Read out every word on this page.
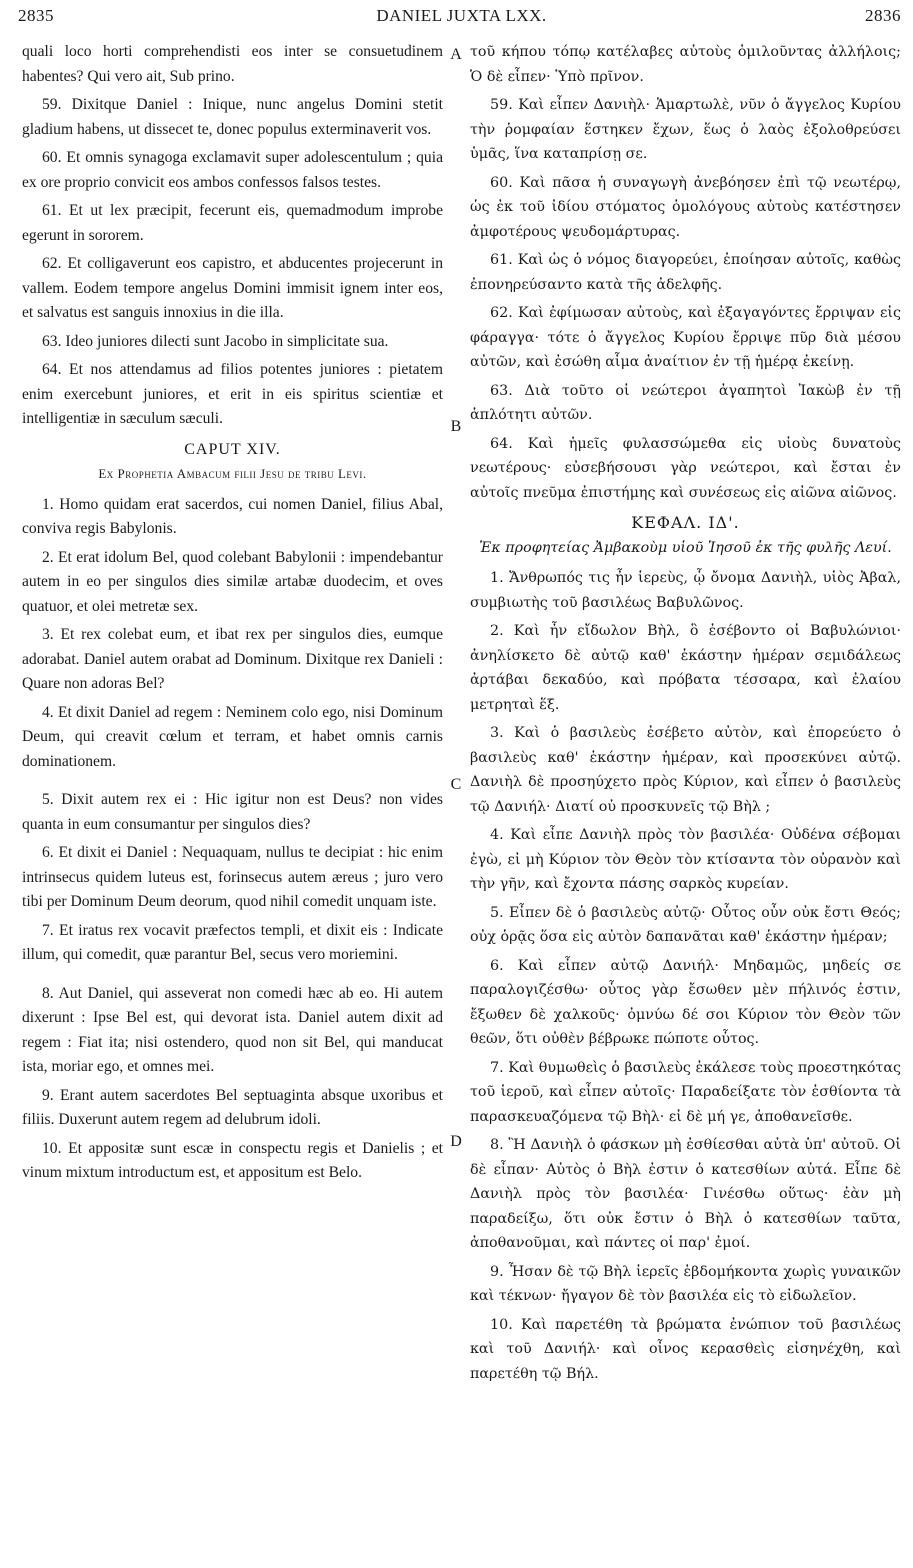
2835	DANIEL JUXTA LXX.	2836
A
B
C
D

quali loco horti comprehendisti eos inter se consuetudinem habentes? Qui vero ait, Sub prino.

59. Dixitque Daniel : Inique, nunc angelus Domini stetit gladium habens, ut dissecet te, donec populus exterminaverit vos.

60. Et omnis synagoga exclamavit super adolescentulum ; quia ex ore proprio convicit eos ambos confessos falsos testes.

61. Et ut lex præcipit, fecerunt eis, quemadmodum improbe egerunt in sororem.

62. Et colligaverunt eos capistro, et abducentes projecerunt in vallem. Eodem tempore angelus Domini immisit ignem inter eos, et salvatus est sanguis innoxius in die illa.

63. Ideo juniores dilecti sunt Jacobo in simplicitate sua.

64. Et nos attendamus ad filios potentes juniores : pietatem enim exercebunt juniores, et erit in eis spiritus scientiæ et intelligentiæ in sæculum sæculi.

CAPUT XIV.
Ex Prophetia Ambacum filii Jesu de tribu Levi.

1. Homo quidam erat sacerdos, cui nomen Daniel, filius Abal, conviva regis Babylonis.

2. Et erat idolum Bel, quod colebant Babylonii : impendebantur autem in eo per singulos dies similæ artabæ duodecim, et oves quatuor, et olei metretæ sex.

3. Et rex colebat eum, et ibat rex per singulos dies, eumque adorabat. Daniel autem orabat ad Dominum. Dixitque rex Danieli : Quare non adoras Bel?

4. Et dixit Daniel ad regem : Neminem colo ego, nisi Dominum Deum, qui creavit cœlum et terram, et habet omnis carnis dominationem.

5. Dixit autem rex ei : Hic igitur non est Deus? non vides quanta in eum consumantur per singulos dies?

6. Et dixit ei Daniel : Nequaquam, nullus te decipiat : hic enim intrinsecus quidem luteus est, forinsecus autem æreus ; juro vero tibi per Dominum Deum deorum, quod nihil comedit unquam iste.

7. Et iratus rex vocavit præfectos templi, et dixit eis : Indicate illum, qui comedit, quæ parantur Bel, secus vero moriemini.

8. Aut Daniel, qui asseverat non comedi hæc ab eo. Hi autem dixerunt : Ipse Bel est, qui devorat ista. Daniel autem dixit ad regem : Fiat ita; nisi ostendero, quod non sit Bel, qui manducat ista, moriar ego, et omnes mei.

9. Erant autem sacerdotes Bel septuaginta absque uxoribus et filiis. Duxerunt autem regem ad delubrum idoli.

10. Et appositæ sunt escæ in conspectu regis et Danielis ; et vinum mixtum introductum est, et appositum est Belo.

τοῦ κήπου τόπῳ κατέλαβες αὐτοὺς ὁμιλοῦντας ἀλλήλοις; Ὁ δὲ εἶπεν· Ὑπὸ πρῖνον.

59. Καὶ εἶπεν Δανιὴλ· Ἁμαρτωλὲ, νῦν ὁ ἄγγελος Κυρίου τὴν ῥομφαίαν ἕστηκεν ἔχων, ἕως ὁ λαὸς ἐξολοθρεύσει ὑμᾶς, ἵνα καταπρίσῃ σε.

60. Καὶ πᾶσα ἡ συναγωγὴ ἀνεβόησεν ἐπὶ τῷ νεωτέρῳ, ὡς ἐκ τοῦ ἰδίου στόματος ὁμολόγους αὐτοὺς κατέστησεν ἀμφοτέρους ψευδομάρτυρας.

61. Καὶ ὡς ὁ νόμος διαγορεύει, ἐποίησαν αὐτοῖς, καθὼς ἐπονηρεύσαντο κατὰ τῆς ἀδελφῆς.

62. Καὶ ἐφίμωσαν αὐτοὺς, καὶ ἐξαγαγόντες ἔρριψαν εἰς φάραγγα· τότε ὁ ἄγγελος Κυρίου ἔρριψε πῦρ διὰ μέσου αὐτῶν, καὶ ἐσώθη αἷμα ἀναίτιον ἐν τῇ ἡμέρᾳ ἐκείνῃ.

63. Διὰ τοῦτο οἱ νεώτεροι ἀγαπητοὶ Ἰακὼβ ἐν τῇ ἁπλότητι αὐτῶν.

64. Καὶ ἡμεῖς φυλασσώμεθα εἰς υἱοὺς δυνατοὺς νεωτέρους· εὐσεβήσουσι γὰρ νεώτεροι, καὶ ἔσται ἐν αὐτοῖς πνεῦμα ἐπιστήμης καὶ συνέσεως εἰς αἰῶνα αἰῶνος.

ΚΕΦΑΛ. ΙΔ'.
Ἐκ προφητείας Ἀμβακοὺμ υἱοῦ Ἰησοῦ ἐκ τῆς φυλῆς Λευί.

1. Ἄνθρωπός τις ἦν ἱερεὺς, ᾧ ὄνομα Δανιὴλ, υἱὸς Ἀβαλ, συμβιωτὴς τοῦ βασιλέως Βαβυλῶνος.

2. Καὶ ἦν εἴδωλον Βὴλ, ὃ ἐσέβοντο οἱ Βαβυλώνιοι· ἀνηλίσκετο δὲ αὐτῷ καθ' ἑκάστην ἡμέραν σεμιδάλεως ἀρτάβαι δεκαδύο, καὶ πρόβατα τέσσαρα, καὶ ἐλαίου μετρηταὶ ἕξ.

3. Καὶ ὁ βασιλεὺς ἐσέβετο αὐτὸν, καὶ ἐπορεύετο ὁ βασιλεὺς καθ' ἑκάστην ἡμέραν, καὶ προσεκύνει αὐτῷ. Δανιὴλ δὲ προσηύχετο πρὸς Κύριον, καὶ εἶπεν ὁ βασιλεὺς τῷ Δανιήλ· Διατί οὐ προσκυνεῖς τῷ Βὴλ ;

4. Καὶ εἶπε Δανιὴλ πρὸς τὸν βασιλέα· Οὐδένα σέβομαι ἐγὼ, εἰ μὴ Κύριον τὸν Θεὸν τὸν κτίσαντα τὸν οὐρανὸν καὶ τὴν γῆν, καὶ ἔχοντα πάσης σαρκὸς κυρείαν.

5. Εἶπεν δὲ ὁ βασιλεὺς αὐτῷ· Οὗτος οὖν οὐκ ἔστι Θεός; οὐχ ὁρᾷς ὅσα εἰς αὐτὸν δαπανᾶται καθ' ἑκάστην ἡμέραν;

6. Καὶ εἶπεν αὐτῷ Δανιήλ· Μηδαμῶς, μηδείς σε παραλογιζέσθω· οὗτος γὰρ ἔσωθεν μὲν πήλινός ἐστιν, ἔξωθεν δὲ χαλκοῦς· ὀμνύω δέ σοι Κύριον τὸν Θεὸν τῶν θεῶν, ὅτι οὐθὲν βέβρωκε πώποτε οὗτος.

7. Καὶ θυμωθεὶς ὁ βασιλεὺς ἐκάλεσε τοὺς προεστηκότας τοῦ ἱεροῦ, καὶ εἶπεν αὐτοῖς· Παραδείξατε τὸν ἐσθίοντα τὰ παρασκευαζόμενα τῷ Βὴλ· εἰ δὲ μή γε, ἀποθανεῖσθε.

8. Ἢ Δανιὴλ ὁ φάσκων μὴ ἐσθίεσθαι αὐτὰ ὑπ' αὐτοῦ. Οἱ δὲ εἶπαν· Αὐτὸς ὁ Βὴλ ἐστιν ὁ κατεσθίων αὐτά. Εἶπε δὲ Δανιὴλ πρὸς τὸν βασιλέα· Γινέσθω οὕτως· ἐὰν μὴ παραδείξω, ὅτι οὐκ ἔστιν ὁ Βὴλ ὁ κατεσθίων ταῦτα, ἀποθανοῦμαι, καὶ πάντες οἱ παρ' ἐμοί.

9. Ἦσαν δὲ τῷ Βὴλ ἱερεῖς ἑβδομήκοντα χωρὶς γυναικῶν καὶ τέκνων· ἤγαγον δὲ τὸν βασιλέα εἰς τὸ εἰδωλεῖον.

10. Καὶ παρετέθη τὰ βρώματα ἐνώπιον τοῦ βασιλέως καὶ τοῦ Δανιήλ· καὶ οἶνος κερασθεὶς εἰσηνέχθη, καὶ παρετέθη τῷ Βήλ.
